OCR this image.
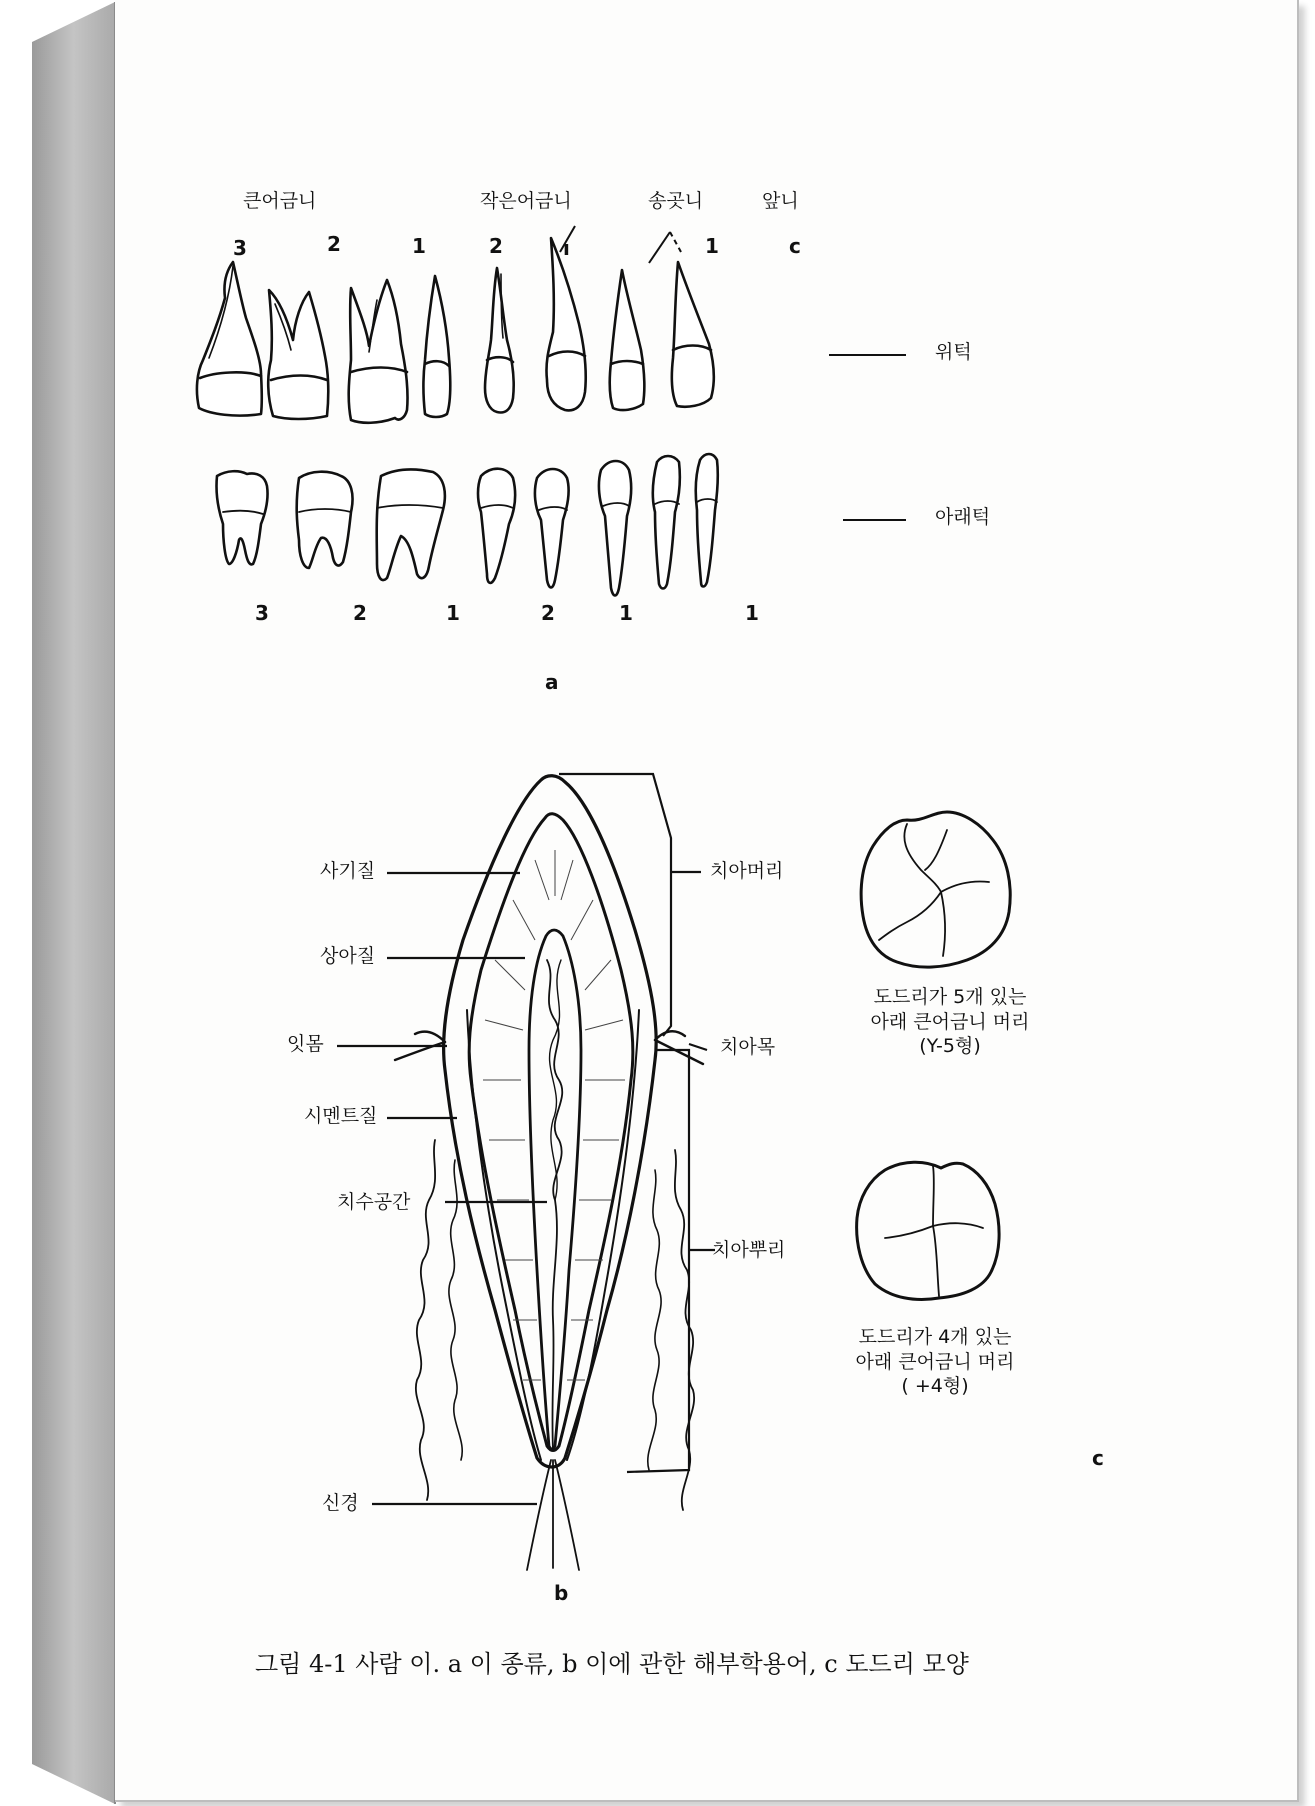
큰어금니	작은어금니	송곳니	앞니
3	2	1	2	ı	1	c
위턱
아래턱
3	2	1	2	1	1
a
사기질
상아질
잇몸
시멘트질
치수공간
신경
치아머리
치아목
치아뿌리
b
도드리가 5개 있는
아래 큰어금니 머리
(Y-5형)
도드리가 4개 있는
아래 큰어금니 머리
( +4형)
c
그림 4-1 사람 이. a 이 종류, b 이에 관한 해부학용어, c 도드리 모양
